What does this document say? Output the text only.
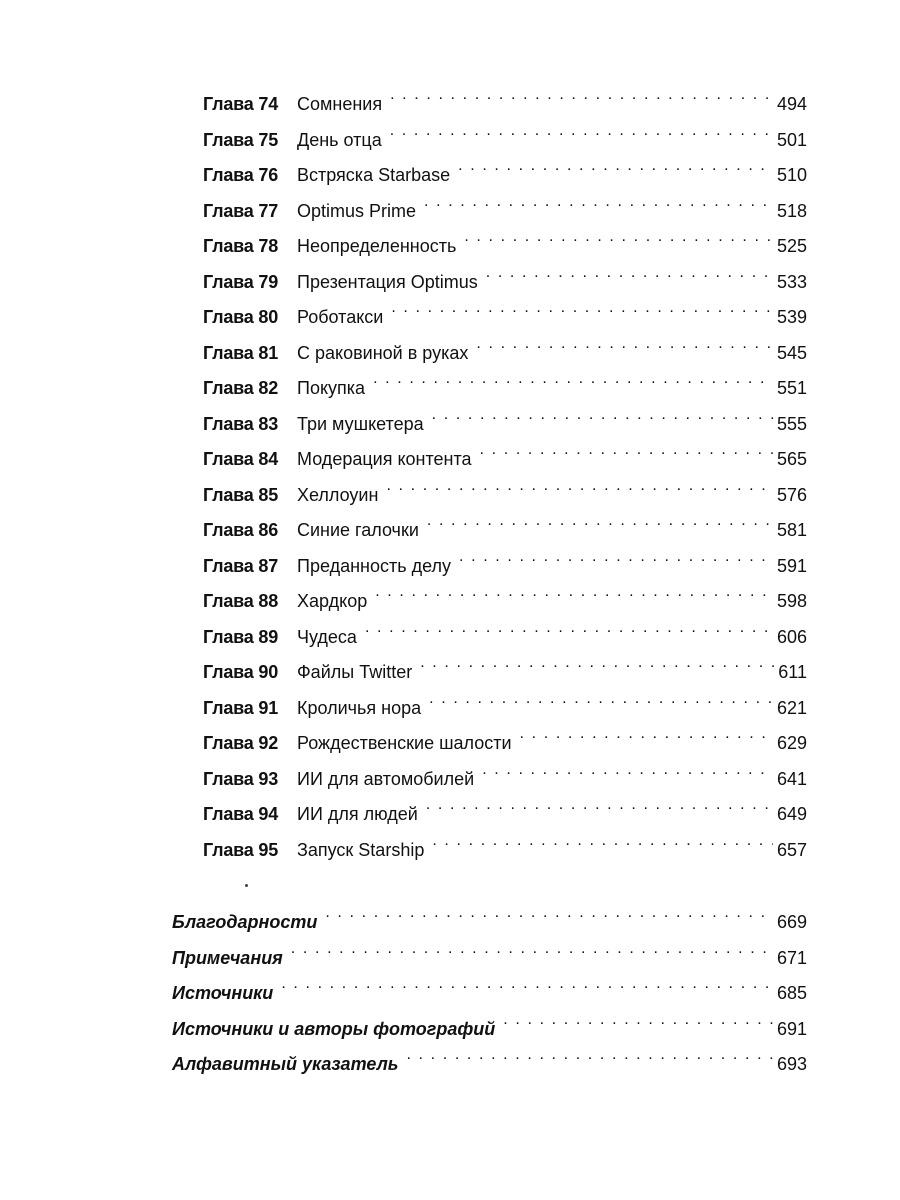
Глава 74	Сомнения . . .	494
Глава 75	День отца . . .	501
Глава 76	Встряска Starbase . . .	510
Глава 77	Optimus Prime . . .	518
Глава 78	Неопределенность . . .	525
Глава 79	Презентация Optimus . . .	533
Глава 80	Роботакси . . .	539
Глава 81	С раковиной в руках . . .	545
Глава 82	Покупка . . .	551
Глава 83	Три мушкетера . . .	555
Глава 84	Модерация контента . . .	565
Глава 85	Хеллоуин . . .	576
Глава 86	Синие галочки . . .	581
Глава 87	Преданность делу . . .	591
Глава 88	Хардкор . . .	598
Глава 89	Чудеса . . .	606
Глава 90	Файлы Twitter . . .	611
Глава 91	Кроличья нора . . .	621
Глава 92	Рождественские шалости . . .	629
Глава 93	ИИ для автомобилей . . .	641
Глава 94	ИИ для людей . . .	649
Глава 95	Запуск Starship . . .	657
Благодарности . . .	669
Примечания . . .	671
Источники . . .	685
Источники и авторы фотографий . . .	691
Алфавитный указатель . . .	693
